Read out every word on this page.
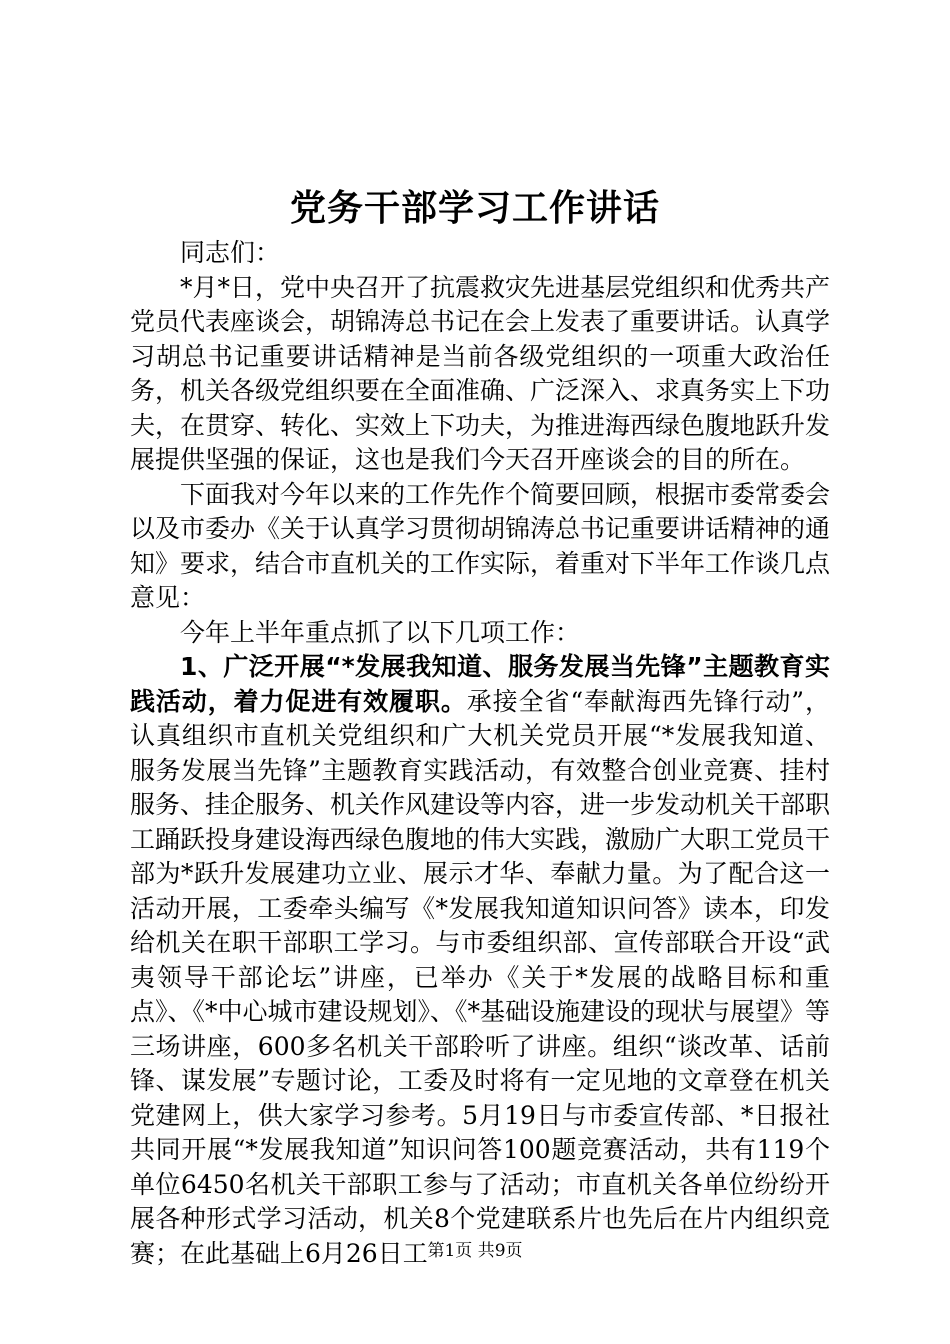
党务干部学习工作讲话

同志们：

*月*日，党中央召开了抗震救灾先进基层党组织和优秀共产党员代表座谈会，胡锦涛总书记在会上发表了重要讲话。认真学习胡总书记重要讲话精神是当前各级党组织的一项重大政治任务，机关各级党组织要在全面准确、广泛深入、求真务实上下功夫，在贯穿、转化、实效上下功夫，为推进海西绿色腹地跃升发展提供坚强的保证，这也是我们今天召开座谈会的目的所在。

下面我对今年以来的工作先作个简要回顾，根据市委常委会以及市委办《关于认真学习贯彻胡锦涛总书记重要讲话精神的通知》要求，结合市直机关的工作实际，着重对下半年工作谈几点意见：

今年上半年重点抓了以下几项工作：

1、广泛开展“*发展我知道、服务发展当先锋”主题教育实践活动，着力促进有效履职。承接全省“奉献海西先锋行动”，认真组织市直机关党组织和广大机关党员开展“*发展我知道、服务发展当先锋”主题教育实践活动，有效整合创业竞赛、挂村服务、挂企服务、机关作风建设等内容，进一步发动机关干部职工踊跃投身建设海西绿色腹地的伟大实践，激励广大职工党员干部为*跃升发展建功立业、展示才华、奉献力量。为了配合这一活动开展，工委牵头编写《*发展我知道知识问答》读本，印发给机关在职干部职工学习。与市委组织部、宣传部联合开设“武夷领导干部论坛”讲座，已举办《关于*发展的战略目标和重点》、《*中心城市建设规划》、《*基础设施建设的现状与展望》等三场讲座，600多名机关干部聆听了讲座。组织“谈改革、话前锋、谋发展”专题讨论，工委及时将有一定见地的文章登在机关党建网上，供大家学习参考。5月19日与市委宣传部、*日报社共同开展“*发展我知道”知识问答100题竞赛活动，共有119个单位6450名机关干部职工参与了活动；市直机关各单位纷纷开展各种形式学习活动，机关8个党建联系片也先后在片内组织竞赛；在此基础上6月26日工 第1页 共9页
